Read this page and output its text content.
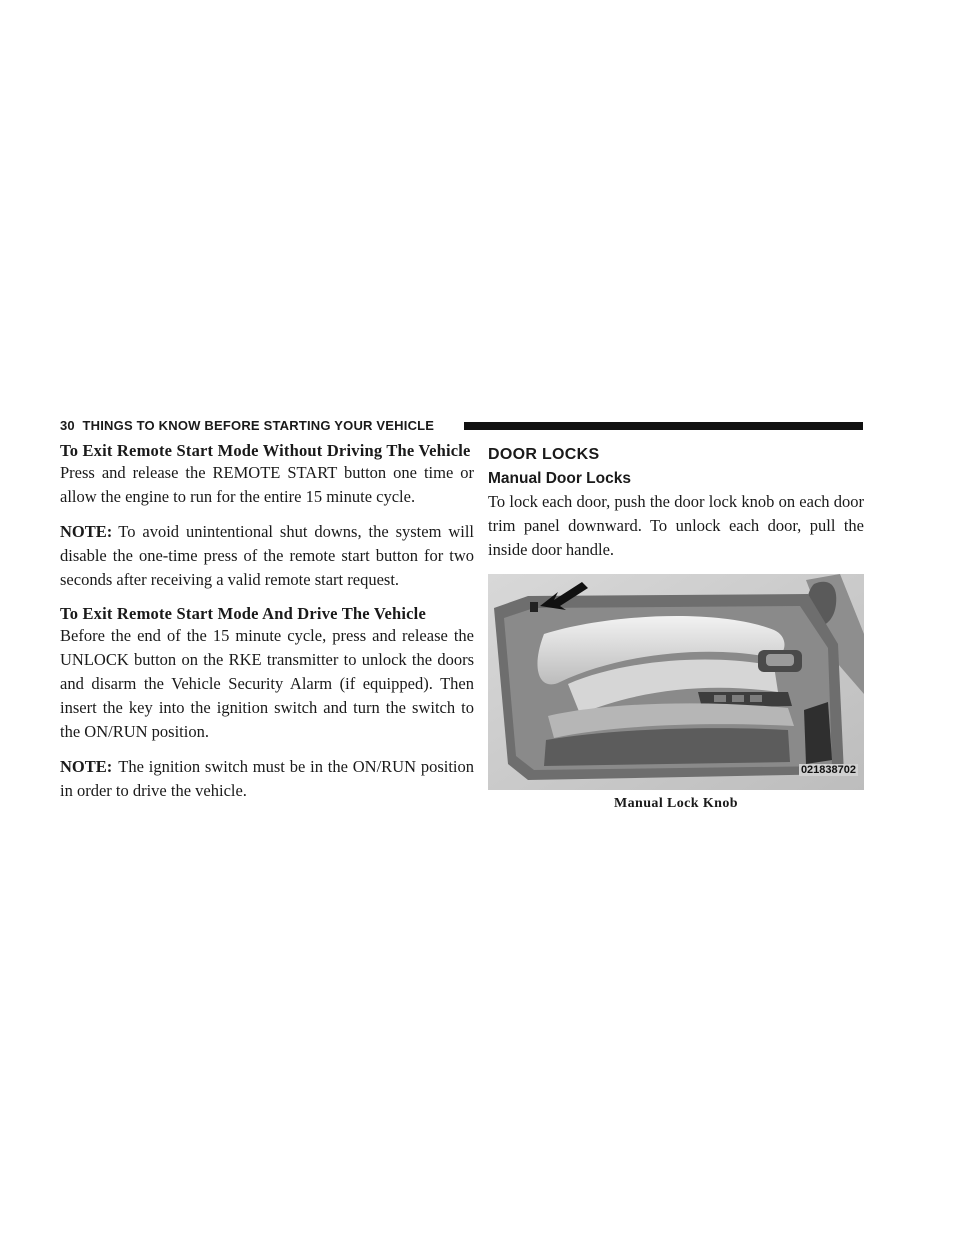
30 THINGS TO KNOW BEFORE STARTING YOUR VEHICLE
To Exit Remote Start Mode Without Driving The Vehicle

Press and release the REMOTE START button one time or allow the engine to run for the entire 15 minute cycle.

NOTE: To avoid unintentional shut downs, the system will disable the one-time press of the remote start button for two seconds after receiving a valid remote start request.

To Exit Remote Start Mode And Drive The Vehicle

Before the end of the 15 minute cycle, press and release the UNLOCK button on the RKE transmitter to unlock the doors and disarm the Vehicle Security Alarm (if equipped). Then insert the key into the ignition switch and turn the switch to the ON/RUN position.

NOTE: The ignition switch must be in the ON/RUN position in order to drive the vehicle.

DOOR LOCKS
Manual Door Locks

To lock each door, push the door lock knob on each door trim panel downward. To unlock each door, pull the inside door handle.

021838702
Manual Lock Knob
